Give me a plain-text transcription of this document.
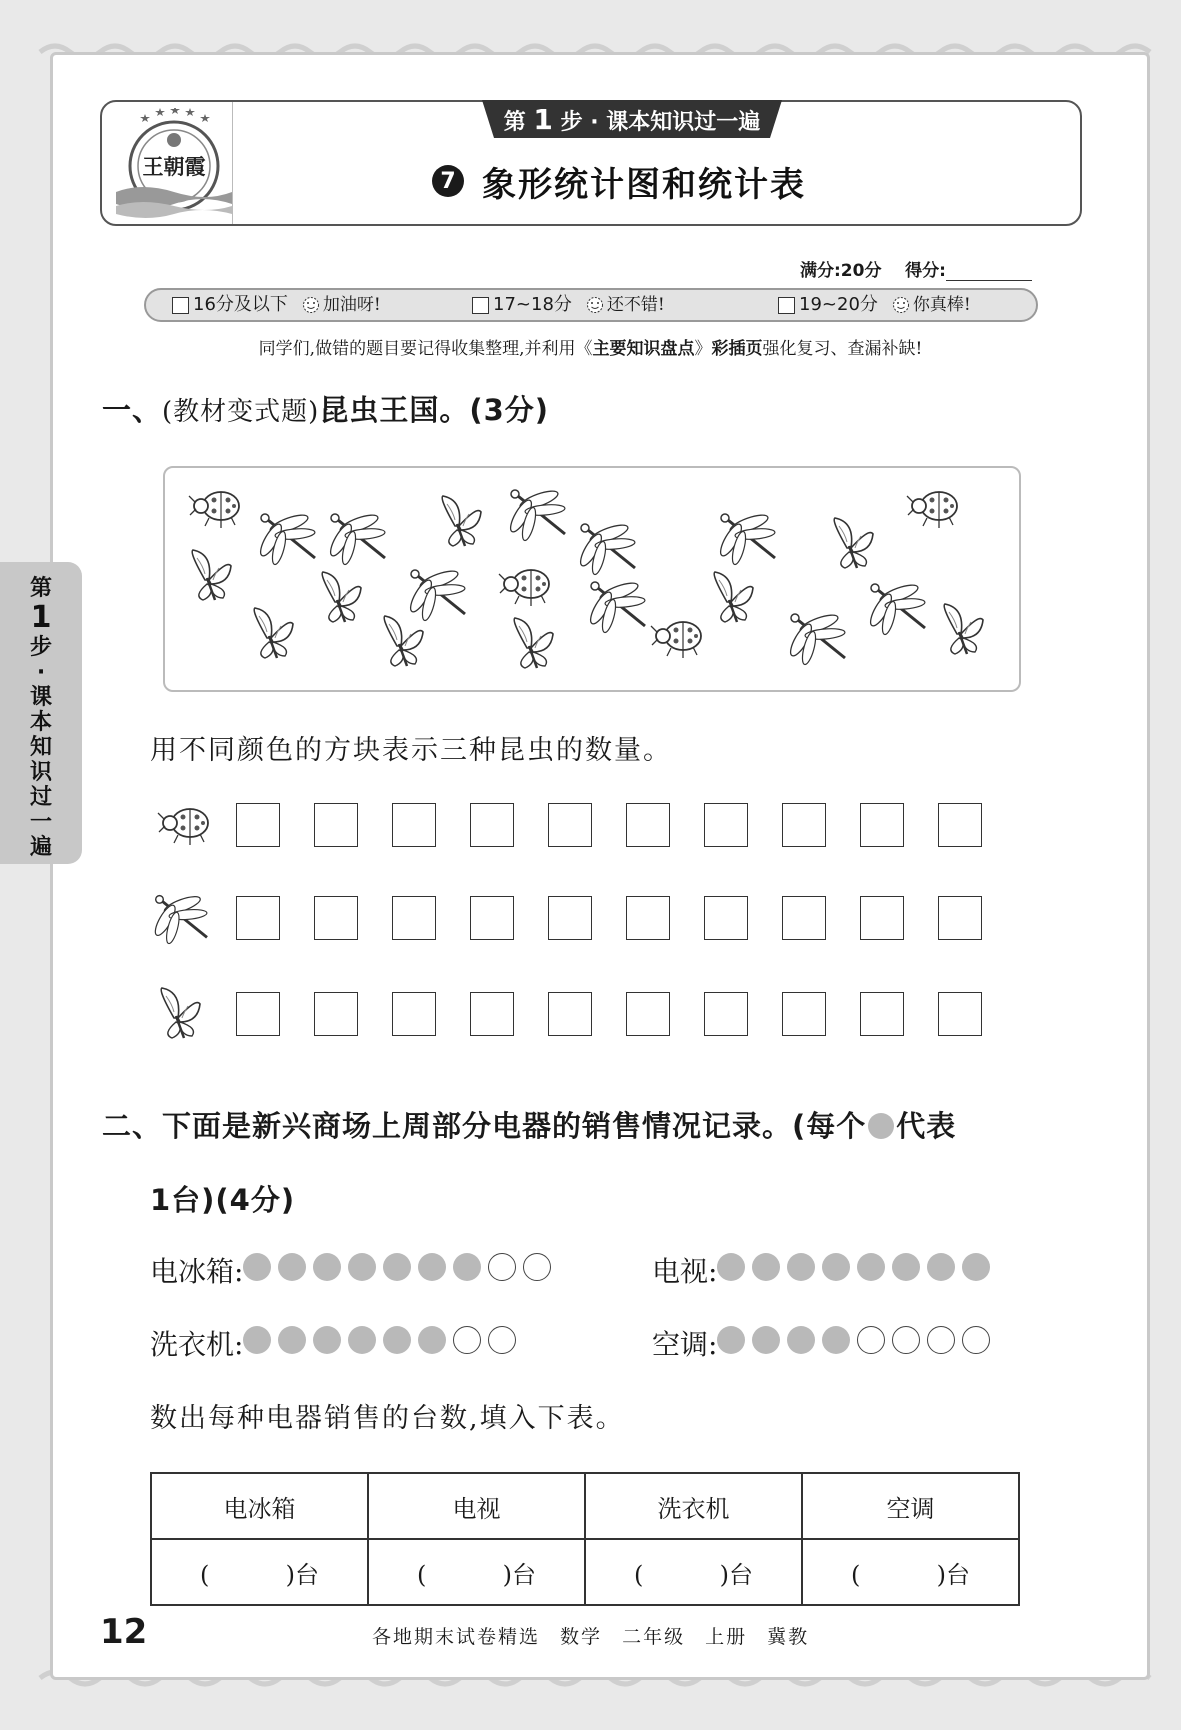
第
1
步
·
课
本
知
识
过
一
遍
王朝霞
第 1 步 · 课本知识过一遍
7 象形统计图和统计表
满分:20分 得分:
16分及以下 加油呀!	17~18分 还不错!	19~20分 你真棒!
同学们,做错的题目要记得收集整理,并利用《主要知识盘点》彩插页强化复习、查漏补缺!
一、(教材变式题)昆虫王国。(3分)
用不同颜色的方块表示三种昆虫的数量。
二、下面是新兴商场上周部分电器的销售情况记录。(每个 代表
1台)(4分)
电冰箱:	电视:
洗衣机:	空调:
数出每种电器销售的台数,填入下表。
电冰箱	电视	洗衣机	空调
(          )台	(          )台	(          )台	(          )台
12	各地期末试卷精选 数学 二年级 上册 冀教
